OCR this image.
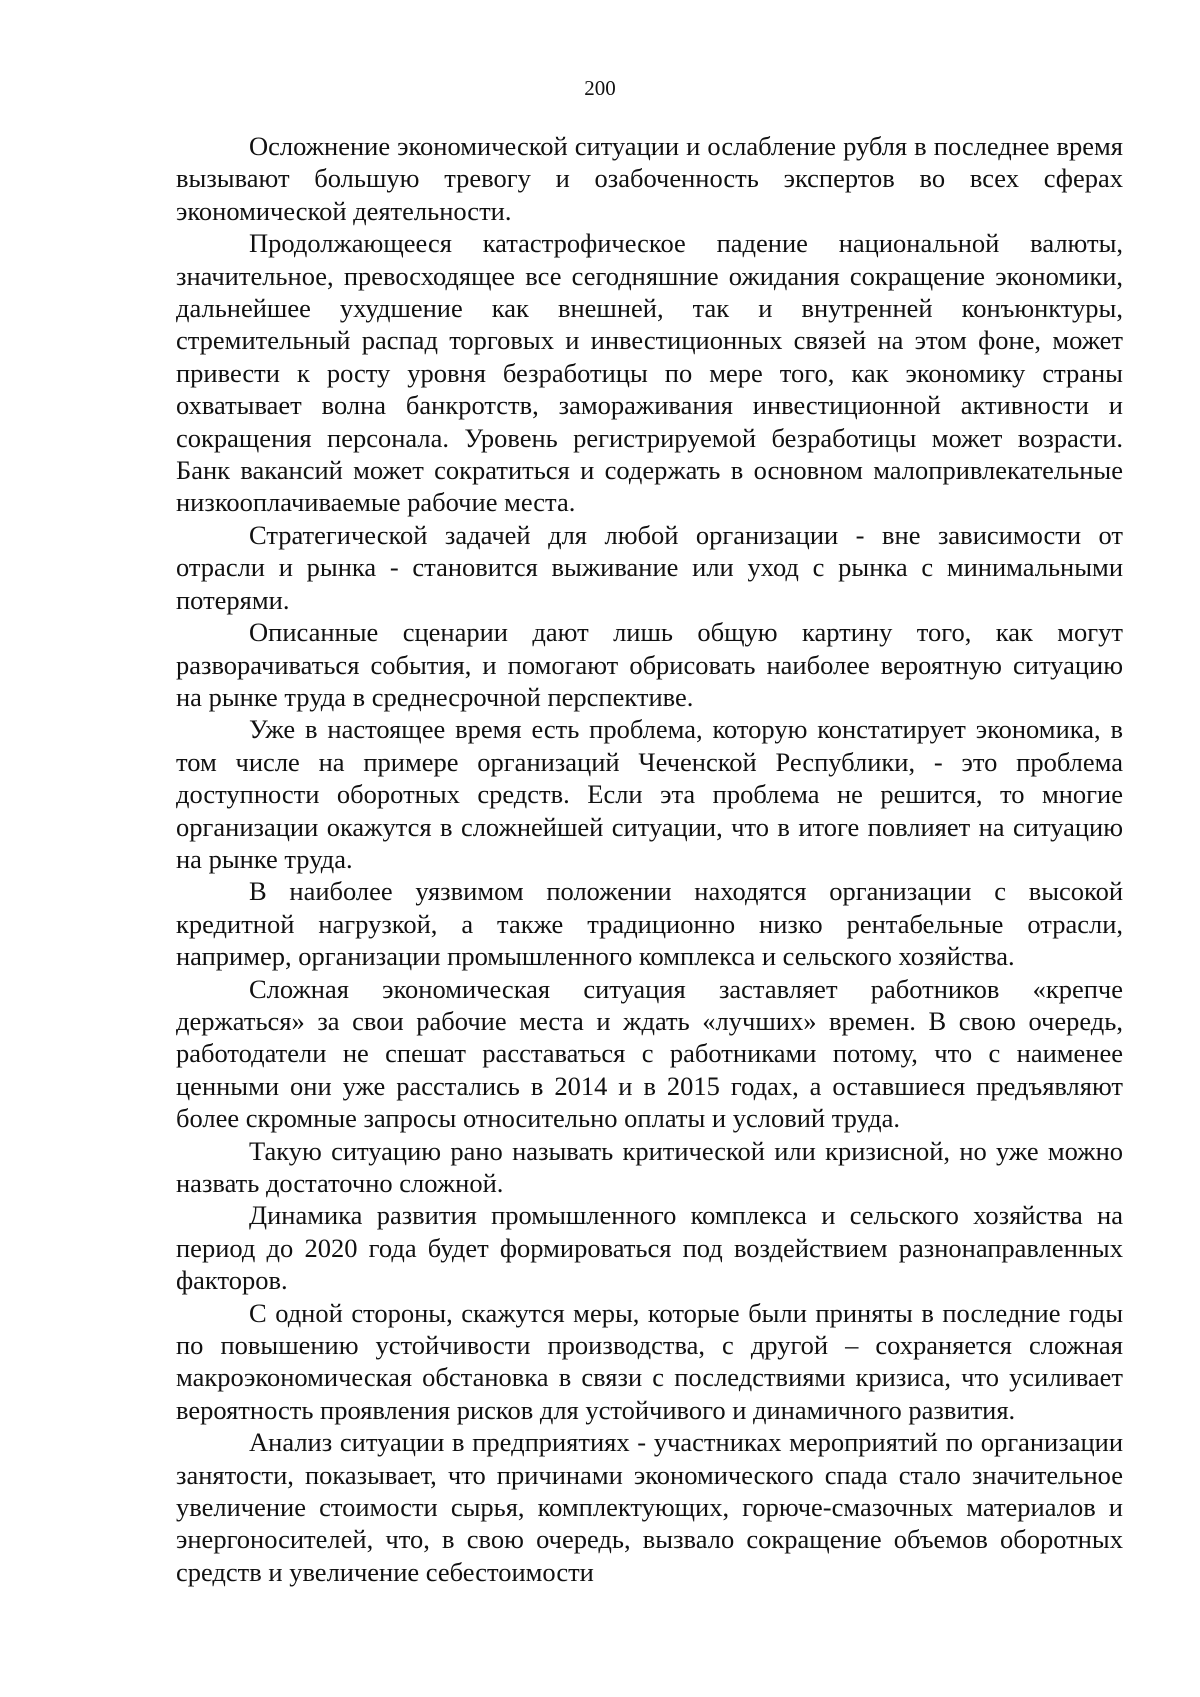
200

Осложнение экономической ситуации и ослабление рубля в последнее время вызывают большую тревогу и озабоченность экспертов во всех сферах экономической деятельности.

Продолжающееся катастрофическое падение национальной валюты, значительное, превосходящее все сегодняшние ожидания сокращение экономики, дальнейшее ухудшение как внешней, так и внутренней конъюнктуры, стремительный распад торговых и инвестиционных связей на этом фоне, может привести к росту уровня безработицы по мере того, как экономику страны охватывает волна банкротств, замораживания инвестиционной активности и сокращения персонала. Уровень регистрируемой безработицы может возрасти. Банк вакансий может сократиться и содержать в основном малопривлекательные низкооплачиваемые рабочие места.

Стратегической задачей для любой организации - вне зависимости от отрасли и рынка - становится выживание или уход с рынка с минимальными потерями.

Описанные сценарии дают лишь общую картину того, как могут разворачиваться события, и помогают обрисовать наиболее вероятную ситуацию на рынке труда в среднесрочной перспективе.

Уже в настоящее время есть проблема, которую констатирует экономика, в том числе на примере организаций Чеченской Республики, - это проблема доступности оборотных средств. Если эта проблема не решится, то многие организации окажутся в сложнейшей ситуации, что в итоге повлияет на ситуацию на рынке труда.

В наиболее уязвимом положении находятся организации с высокой кредитной нагрузкой, а также традиционно низко рентабельные отрасли, например, организации промышленного комплекса и сельского хозяйства.

Сложная экономическая ситуация заставляет работников «крепче держаться» за свои рабочие места и ждать «лучших» времен. В свою очередь, работодатели не спешат расставаться с работниками потому, что с наименее ценными они уже расстались в 2014 и в 2015 годах, а оставшиеся предъявляют более скромные запросы относительно оплаты и условий труда.

Такую ситуацию рано называть критической или кризисной, но уже можно назвать достаточно сложной.

Динамика развития промышленного комплекса и сельского хозяйства на период до 2020 года будет формироваться под воздействием разнонаправленных факторов.

С одной стороны, скажутся меры, которые были приняты в последние годы по повышению устойчивости производства, с другой – сохраняется сложная макроэкономическая обстановка в связи с последствиями кризиса, что усиливает вероятность проявления рисков для устойчивого и динамичного развития.

Анализ ситуации в предприятиях - участниках мероприятий по организации занятости, показывает, что причинами экономического спада стало значительное увеличение стоимости сырья, комплектующих, горюче-смазочных материалов и энергоносителей, что, в свою очередь, вызвало сокращение объемов оборотных средств и увеличение себестоимости
